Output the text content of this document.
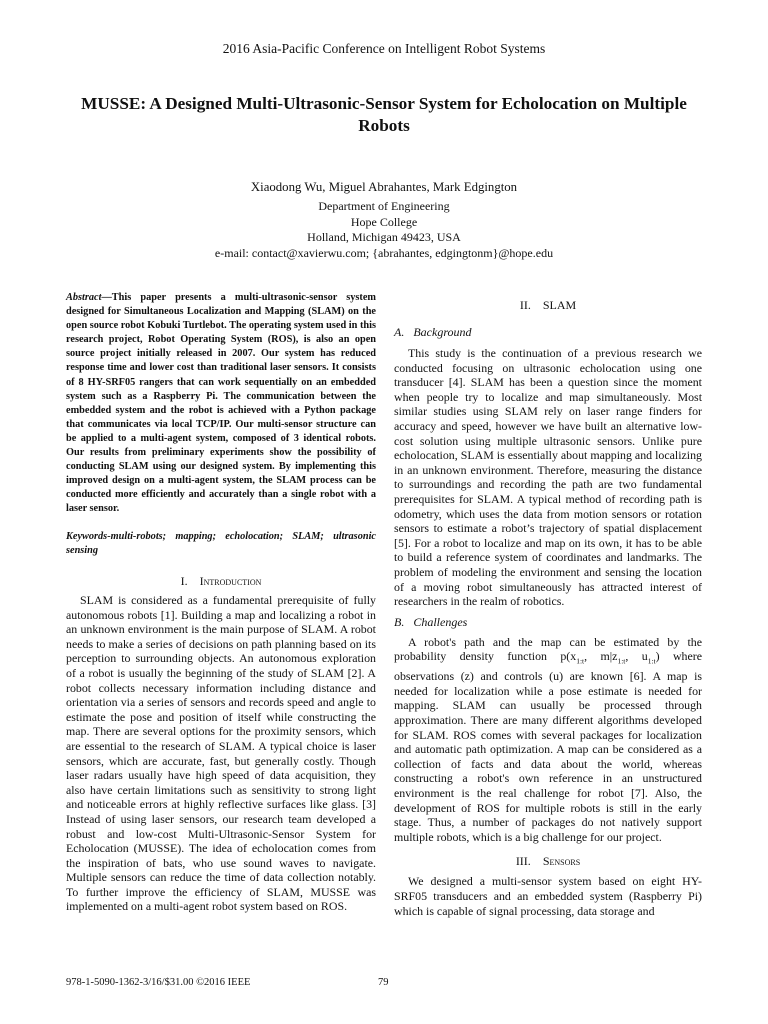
2016 Asia-Pacific Conference on Intelligent Robot Systems
MUSSE: A Designed Multi-Ultrasonic-Sensor System for Echolocation on Multiple Robots
Xiaodong Wu, Miguel Abrahantes, Mark Edgington
Department of Engineering
Hope College
Holland, Michigan 49423, USA
e-mail: contact@xavierwu.com; {abrahantes, edgingtonm}@hope.edu
Abstract—This paper presents a multi-ultrasonic-sensor system designed for Simultaneous Localization and Mapping (SLAM) on the open source robot Kobuki Turtlebot. The operating system used in this research project, Robot Operating System (ROS), is also an open source project initially released in 2007. Our system has reduced response time and lower cost than traditional laser sensors. It consists of 8 HY-SRF05 rangers that can work sequentially on an embedded system such as a Raspberry Pi. The communication between the embedded system and the robot is achieved with a Python package that communicates via local TCP/IP. Our multi-sensor structure can be applied to a multi-agent system, composed of 3 identical robots. Our results from preliminary experiments show the possibility of conducting SLAM using our designed system. By implementing this improved design on a multi-agent system, the SLAM process can be conducted more efficiently and accurately than a single robot with a laser sensor.
Keywords-multi-robots; mapping; echolocation; SLAM; ultrasonic sensing
I. Introduction

SLAM is considered as a fundamental prerequisite of fully autonomous robots [1]. Building a map and localizing a robot in an unknown environment is the main purpose of SLAM. A robot needs to make a series of decisions on path planning based on its perception to surrounding objects. An autonomous exploration of a robot is usually the beginning of the study of SLAM [2]. A robot collects necessary information including distance and orientation via a series of sensors and records speed and angle to estimate the pose and position of itself while constructing the map. There are several options for the proximity sensors, which are essential to the research of SLAM. A typical choice is laser sensors, which are accurate, fast, but generally costly. Though laser radars usually have high speed of data acquisition, they also have certain limitations such as sensitivity to strong light and noticeable errors at highly reflective surfaces like glass. [3] Instead of using laser sensors, our research team developed a robust and low-cost Multi-Ultrasonic-Sensor System for Echolocation (MUSSE). The idea of echolocation comes from the inspiration of bats, who use sound waves to navigate. Multiple sensors can reduce the time of data collection notably. To further improve the efficiency of SLAM, MUSSE was implemented on a multi-agent robot system based on ROS.

II. SLAM
A. Background

This study is the continuation of a previous research we conducted focusing on ultrasonic echolocation using one transducer [4]. SLAM has been a question since the moment when people try to localize and map simultaneously. Most similar studies using SLAM rely on laser range finders for accuracy and speed, however we have built an alternative low-cost solution using multiple ultrasonic sensors. Unlike pure echolocation, SLAM is essentially about mapping and localizing in an unknown environment. Therefore, measuring the distance to surroundings and recording the path are two fundamental prerequisites for SLAM. A typical method of recording path is odometry, which uses the data from motion sensors or rotation sensors to estimate a robot’s trajectory of spatial displacement [5]. For a robot to localize and map on its own, it has to be able to build a reference system of coordinates and landmarks. The problem of modeling the environment and sensing the location of a moving robot simultaneously has attracted interest of researchers in the realm of robotics.

B. Challenges

A robot's path and the map can be estimated by the probability density function $p(x_{1:t}$, $m|z_{1:t}$, $u_{1:t}$) where observations (z) and controls (u) are known [6]. A map is needed for localization while a pose estimate is needed for mapping. SLAM can usually be processed through approximation. There are many different algorithms developed for SLAM. ROS comes with several packages for localization and automatic path optimization. A map can be considered as a collection of facts and data about the world, whereas constructing a robot's own reference in an unstructured environment is the real challenge for robot [7]. Also, the development of ROS for multiple robots is still in the early stage. Thus, a number of packages do not natively support multiple robots, which is a big challenge for our project.

III. Sensors

We designed a multi-sensor system based on eight HY-SRF05 transducers and an embedded system (Raspberry Pi) which is capable of signal processing, data storage and

978-1-5090-1362-3/16/$31.00 ©2016 IEEE	79
